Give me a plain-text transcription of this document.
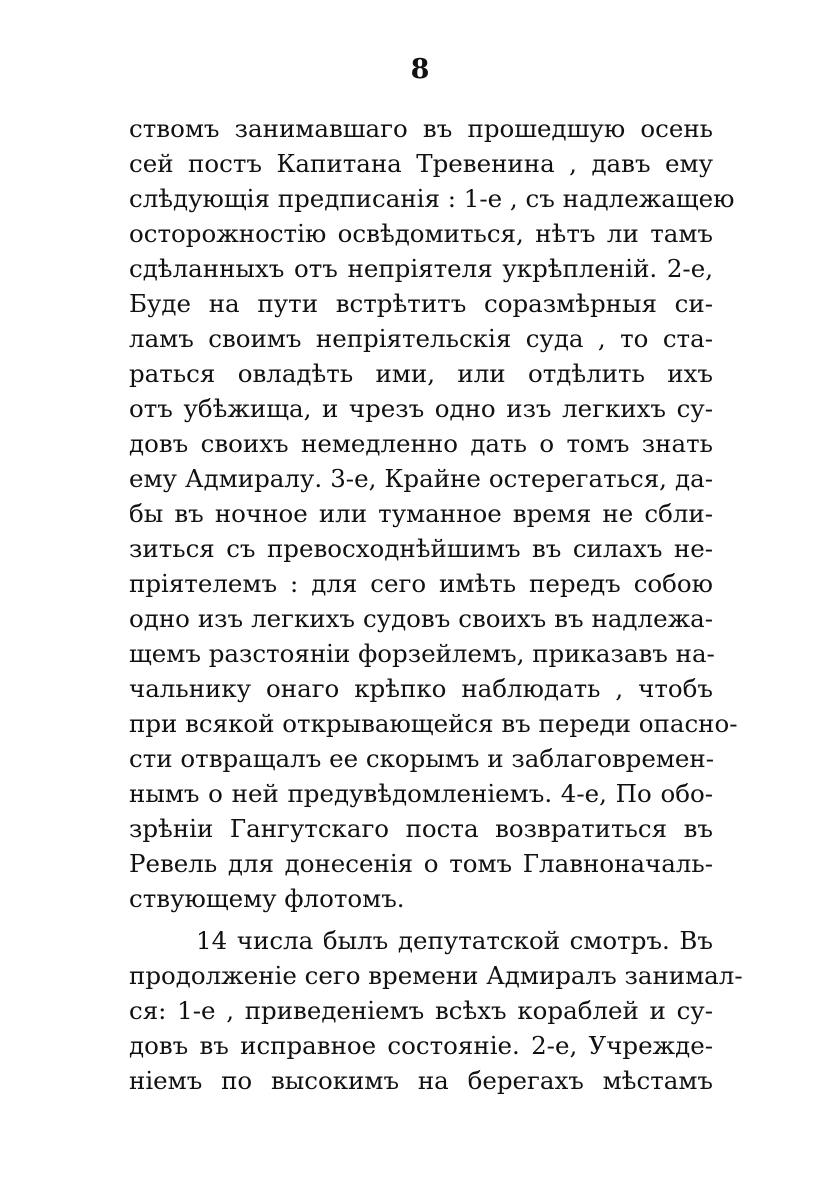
8
ствомъ занимавшаго въ прошедшую осень
сей постъ Капитана Тревенина , давъ ему
слѣдующія предписанія : 1-е , съ надлежащею
осторожностію освѣдомиться, нѣтъ ли тамъ
сдѣланныхъ отъ непріятеля укрѣпленій. 2-е,
Буде на пути встрѣтитъ соразмѣрныя си-
ламъ своимъ непріятельскія суда , то ста-
раться овладѣть ими, или отдѣлить ихъ
отъ убѣжища, и чрезъ одно изъ легкихъ су-
довъ своихъ немедленно дать о томъ знать
ему Адмиралу. 3-е, Крайне остерегаться, да-
бы въ ночное или туманное время не сбли-
зиться съ превосходнѣйшимъ въ силахъ не-
пріятелемъ : для сего имѣть передъ собою
одно изъ легкихъ судовъ своихъ въ надлежа-
щемъ разстояніи форзейлемъ, приказавъ на-
чальнику онаго крѣпко наблюдать , чтобъ
при всякой открывающейся въ переди опасно-
сти отвращалъ ее скорымъ и заблаговремен-
нымъ о ней предувѣдомленіемъ. 4-е, По обо-
зрѣніи Гангутскаго поста возвратиться въ
Ревель для донесенія о томъ Главноначаль-
ствующему флотомъ.
14 числа былъ депутатской смотръ. Въ
продолженіе сего времени Адмиралъ занимал-
ся: 1-е , приведеніемъ всѣхъ кораблей и су-
довъ въ исправное состояніе. 2-е, Учрежде-
ніемъ по высокимъ на берегахъ мѣстамъ
